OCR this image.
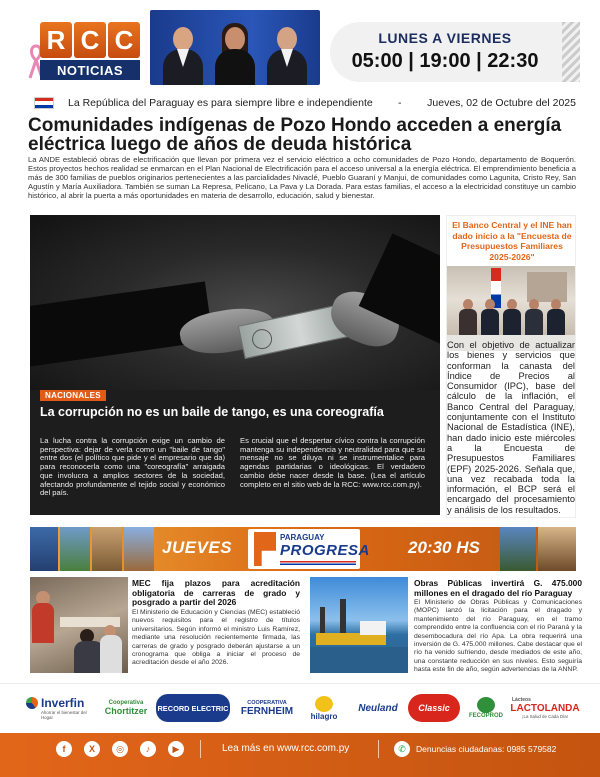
R C C
NOTICIAS
LUNES A VIERNES
05:00 | 19:00 | 22:30
La República del Paraguay es para siempre libre e independiente - Jueves, 02 de Octubre del 2025
Comunidades indígenas de Pozo Hondo acceden a energía eléctrica luego de años de deuda histórica
La ANDE estableció obras de electrificación que llevan por primera vez el servicio eléctrico a ocho comunidades de Pozo Hondo, departamento de Boquerón. Estos proyectos hechos realidad se enmarcan en el Plan Nacional de Electrificación para el acceso universal a la energía eléctrica. El emprendimiento beneficia a más de 300 familias de pueblos originarios pertenecientes a las parcialidades Nivaclé, Pueblo Guaraní y Manjui, de comunidades como Lagunita, Cristo Rey, San Agustín y María Auxiliadora. También se suman La Represa, Pelícano, La Pava y La Dorada. Para estas familias, el acceso a la electricidad constituye un cambio histórico, al abrir la puerta a más oportunidades en materia de desarrollo, educación, salud y bienestar.
NACIONALES
La corrupción no es un baile de tango, es una coreografía
La lucha contra la corrupción exige un cambio de perspectiva: dejar de verla como un "baile de tango" entre dos (el político que pide y el empresario que da) para reconocerla como una "coreografía" arraigada que involucra a amplios sectores de la sociedad, afectando profundamente el tejido social y económico del país.
Es crucial que el despertar cívico contra la corrupción mantenga su independencia y neutralidad para que su mensaje no se diluya ni se instrumentalice para agendas partidarias o ideológicas. El verdadero cambio debe nacer desde la base. (Lea el artículo completo en el sitio web de la RCC: www.rcc.com.py).
El Banco Central y el INE han dado inicio a la "Encuesta de Presupuestos Familiares 2025-2026"
Con el objetivo de actualizar los bienes y servicios que conforman la canasta del Índice de Precios al Consumidor (IPC), base del cálculo de la inflación, el Banco Central del Paraguay, conjuntamente con el Instituto Nacional de Estadística (INE), han dado inicio este miércoles a la Encuesta de Presupuestos Familiares (EPF) 2025-2026. Señala que, una vez recabada toda la información, el BCP será el encargado del procesamiento y análisis de los resultados.
JUEVES
PARAGUAY
PROGRESA 20:30 HS
MEC fija plazos para acreditación obligatoria de carreras de grado y posgrado a partir del 2026
El Ministerio de Educación y Ciencias (MEC) estableció nuevos requisitos para el registro de títulos universitarios. Según informó el ministro Luis Ramírez, mediante una resolución recientemente firmada, las carreras de grado y posgrado deberán ajustarse a un cronograma que obliga a iniciar el proceso de acreditación desde el año 2026.
Obras Públicas invertirá G. 475.000 millones en el dragado del río Paraguay
El Ministerio de Obras Públicas y Comunicaciones (MOPC) lanzó la licitación para el dragado y mantenimiento del río Paraguay, en el tramo comprendido entre la confluencia con el río Paraná y la desembocadura del río Apa. La obra requerirá una inversión de G. 475.000 millones. Cabe destacar que el río ha venido sufriendo, desde mediados de este año, una constante reducción en sus niveles. Esto seguiría hasta este fin de año, según advertencias de la ANNP.
Inverfin
Ahorrar el bienestar del Hogar
Cooperativa
Chortitzer RECORD ELECTRIC
COOPERATIVA
FERNHEIM hilagro
Neuland	Classic
FECOPROD
Lácteos
LACTOLANDA
¡La Salud de Cada Día!
f	X	◎	♪	▶	Lea más en www.rcc.com.py	✆	Denuncias ciudadanas: 0985 579582
